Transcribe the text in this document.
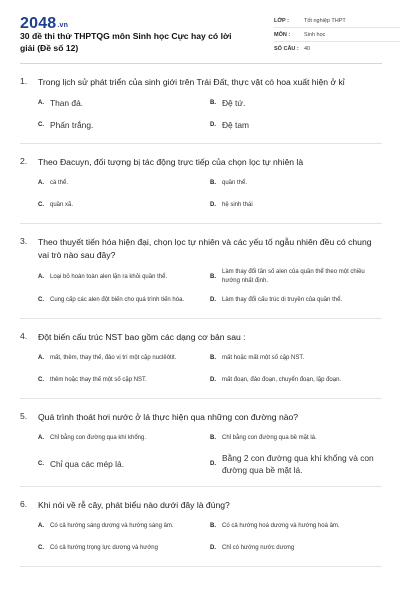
2048.vn
30 đề thi thử THPTQG môn Sinh học Cực hay có lời giải (Đề số 12)
LỚP :	Tốt nghiệp THPT
MÔN :	Sinh học
SỐ CÂU : 40
1.	Trong lịch sử phát triển của sinh giới trên Trái Đất, thực vật có hoa xuất hiện ở kỉ
A. Than đá.	B. Đệ tứ.
C. Phấn trắng.	D. Đệ tam
2.	Theo Đacuyn, đối tượng bị tác động trực tiếp của chọn lọc tự nhiên là
A.	cá thể.	B.	quần thể.
C.	quần xã.	D.	hệ sinh thái
3.	Theo thuyết tiến hóa hiện đại, chọn lọc tự nhiên và các yếu tố ngẫu nhiên đều có chung vai trò nào sau đây?
A.	Loại bỏ hoàn toàn alen lặn ra khỏi quần thể.	B.
Làm thay đổi tần số alen của quần thể theo một chiều hướng nhất định.
C.	Cung cấp các alen đột biến cho quá trình tiến hóa.	D.	Làm thay đổi cấu trúc di truyền của quần thể.
4.	Đột biến cấu trúc NST bao gồm các dạng cơ bản sau :
A.	mất, thêm, thay thế, đảo vị trí một cặp nuclêôtit.	B.	mất hoặc mất một số cặp NST.
C.	thêm hoặc thay thế một số cặp NST.	D.	mất đoạn, đảo đoạn, chuyển đoạn, lặp đoạn.
5.	Quá trình thoát hơi nước ở lá thực hiện qua những con đường nào?
A.	Chỉ bằng con đường qua khí khổng.	B.	Chỉ bằng con đường qua bề mặt lá.
C. Chỉ qua các mép lá.	D.
Bằng 2 con đường qua khí khổng và con đường qua bề mặt lá.
6.	Khi nói về rễ cây, phát biểu nào dưới đây là đúng?
A.	Có cả hướng sáng dương và hướng sáng âm.	B.	Có cả hướng hoá dương và hướng hoá âm.
C.	Có cả hướng trọng lực dương và hướng	D.	Chỉ có hướng nước dương
